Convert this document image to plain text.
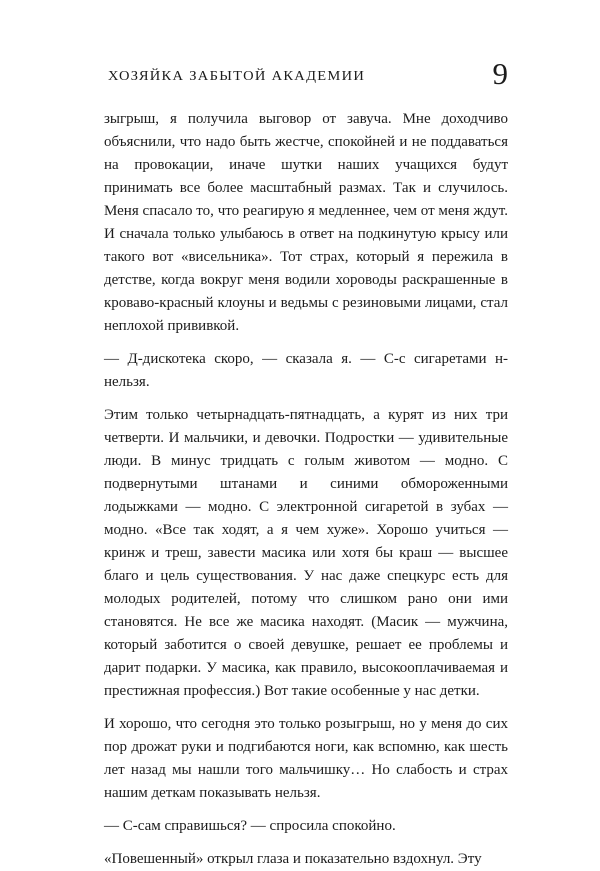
ХОЗЯЙКА ЗАБЫТОЙ АКАДЕМИИ	9

зыгрыш, я получила выговор от завуча. Мне доходчиво объяснили, что надо быть жестче, спокойней и не поддаваться на провокации, иначе шутки наших учащихся будут принимать все более масштабный размах. Так и случилось. Меня спасало то, что реагирую я медленнее, чем от меня ждут. И сначала только улыбаюсь в ответ на подкинутую крысу или такого вот «висельника». Тот страх, который я пережила в детстве, когда вокруг меня водили хороводы раскрашенные в кроваво-красный клоуны и ведьмы с резиновыми лицами, стал неплохой прививкой.

— Д-дискотека скоро, — сказала я. — С-с сигаретами н-нельзя.

Этим только четырнадцать-пятнадцать, а курят из них три четверти. И мальчики, и девочки. Подростки — удивительные люди. В минус тридцать с голым животом — модно. С подвернутыми штанами и синими обмороженными лодыжками — модно. С электронной сигаретой в зубах — модно. «Все так ходят, а я чем хуже». Хорошо учиться — кринж и треш, завести масика или хотя бы краш — высшее благо и цель существования. У нас даже спецкурс есть для молодых родителей, потому что слишком рано они ими становятся. Не все же масика находят. (Масик — мужчина, который заботится о своей девушке, решает ее проблемы и дарит подарки. У масика, как правило, высокооплачиваемая и престижная профессия.) Вот такие особенные у нас детки.

И хорошо, что сегодня это только розыгрыш, но у меня до сих пор дрожат руки и подгибаются ноги, как вспомню, как шесть лет назад мы нашли того мальчишку… Но слабость и страх нашим деткам показывать нельзя.

— С-сам справишься? — спросила спокойно.

«Повешенный» открыл глаза и показательно вздохнул. Эту
